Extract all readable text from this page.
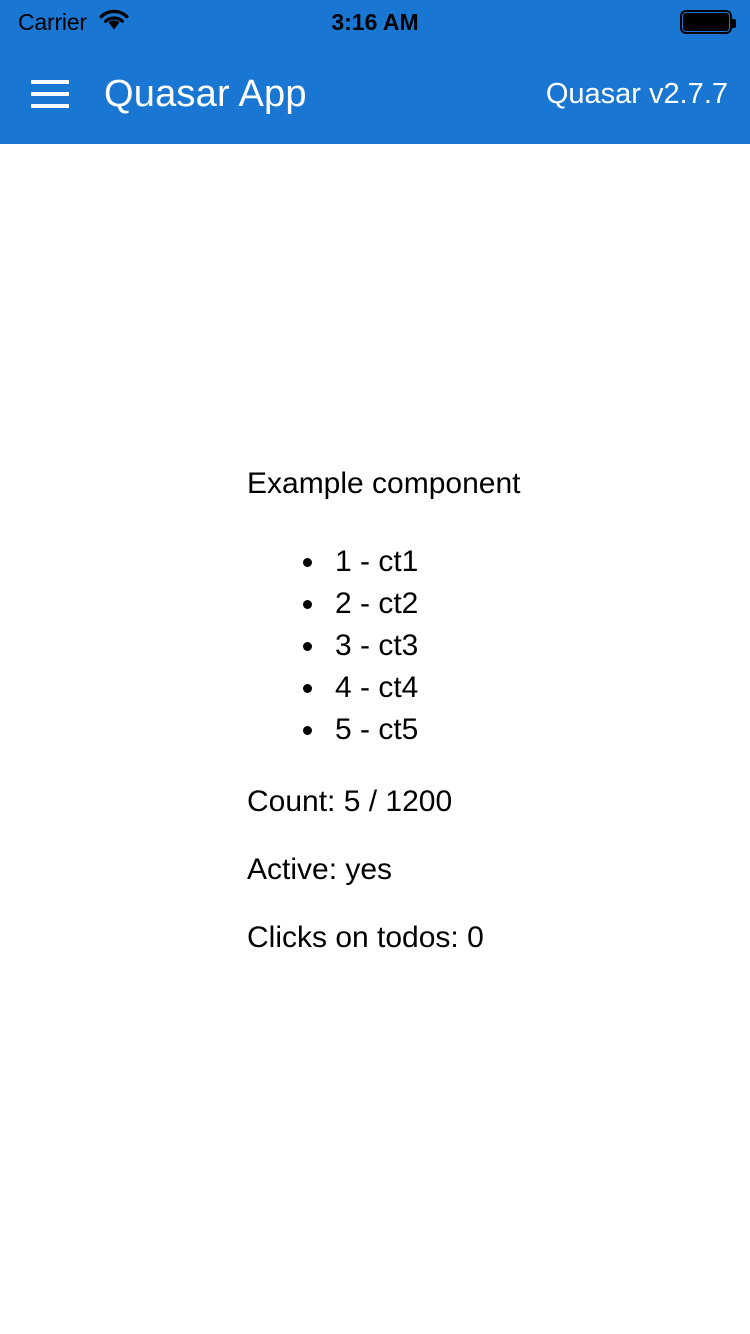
Carrier	3:16 AM
Quasar App	Quasar v2.7.7
Example component
1 - ct1
2 - ct2
3 - ct3
4 - ct4
5 - ct5
Count: 5 / 1200
Active: yes
Clicks on todos: 0
